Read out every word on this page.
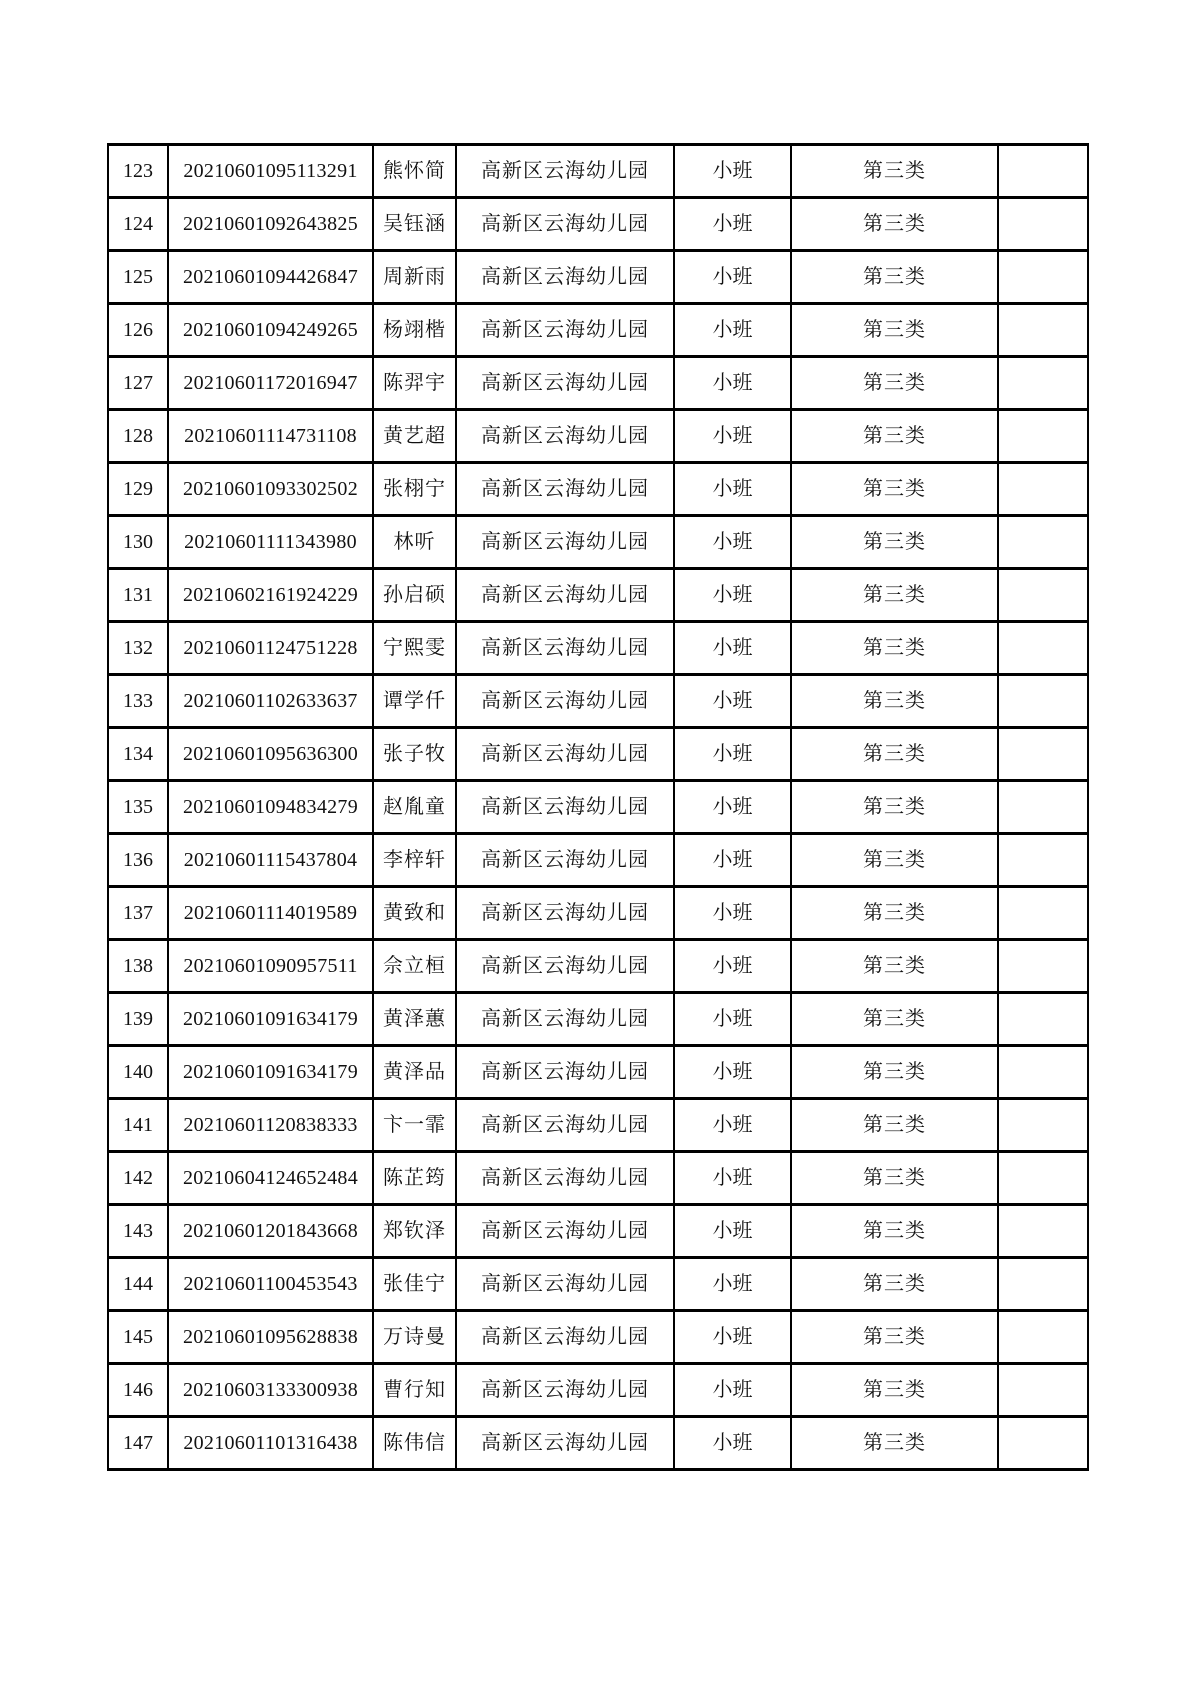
123	20210601095113291	熊怀简	高新区云海幼儿园	小班	第三类	
124	20210601092643825	吴钰涵	高新区云海幼儿园	小班	第三类	
125	20210601094426847	周新雨	高新区云海幼儿园	小班	第三类	
126	20210601094249265	杨翊楷	高新区云海幼儿园	小班	第三类	
127	20210601172016947	陈羿宇	高新区云海幼儿园	小班	第三类	
128	20210601114731108	黄艺超	高新区云海幼儿园	小班	第三类	
129	20210601093302502	张栩宁	高新区云海幼儿园	小班	第三类	
130	20210601111343980	林听	高新区云海幼儿园	小班	第三类	
131	20210602161924229	孙启硕	高新区云海幼儿园	小班	第三类	
132	20210601124751228	宁熙雯	高新区云海幼儿园	小班	第三类	
133	20210601102633637	谭学仟	高新区云海幼儿园	小班	第三类	
134	20210601095636300	张子牧	高新区云海幼儿园	小班	第三类	
135	20210601094834279	赵胤童	高新区云海幼儿园	小班	第三类	
136	20210601115437804	李梓轩	高新区云海幼儿园	小班	第三类	
137	20210601114019589	黄致和	高新区云海幼儿园	小班	第三类	
138	20210601090957511	佘立桓	高新区云海幼儿园	小班	第三类	
139	20210601091634179	黄泽蕙	高新区云海幼儿园	小班	第三类	
140	20210601091634179	黄泽品	高新区云海幼儿园	小班	第三类	
141	20210601120838333	卞一霏	高新区云海幼儿园	小班	第三类	
142	20210604124652484	陈芷筠	高新区云海幼儿园	小班	第三类	
143	20210601201843668	郑钦泽	高新区云海幼儿园	小班	第三类	
144	20210601100453543	张佳宁	高新区云海幼儿园	小班	第三类	
145	20210601095628838	万诗曼	高新区云海幼儿园	小班	第三类	
146	20210603133300938	曹行知	高新区云海幼儿园	小班	第三类	
147	20210601101316438	陈伟信	高新区云海幼儿园	小班	第三类	
